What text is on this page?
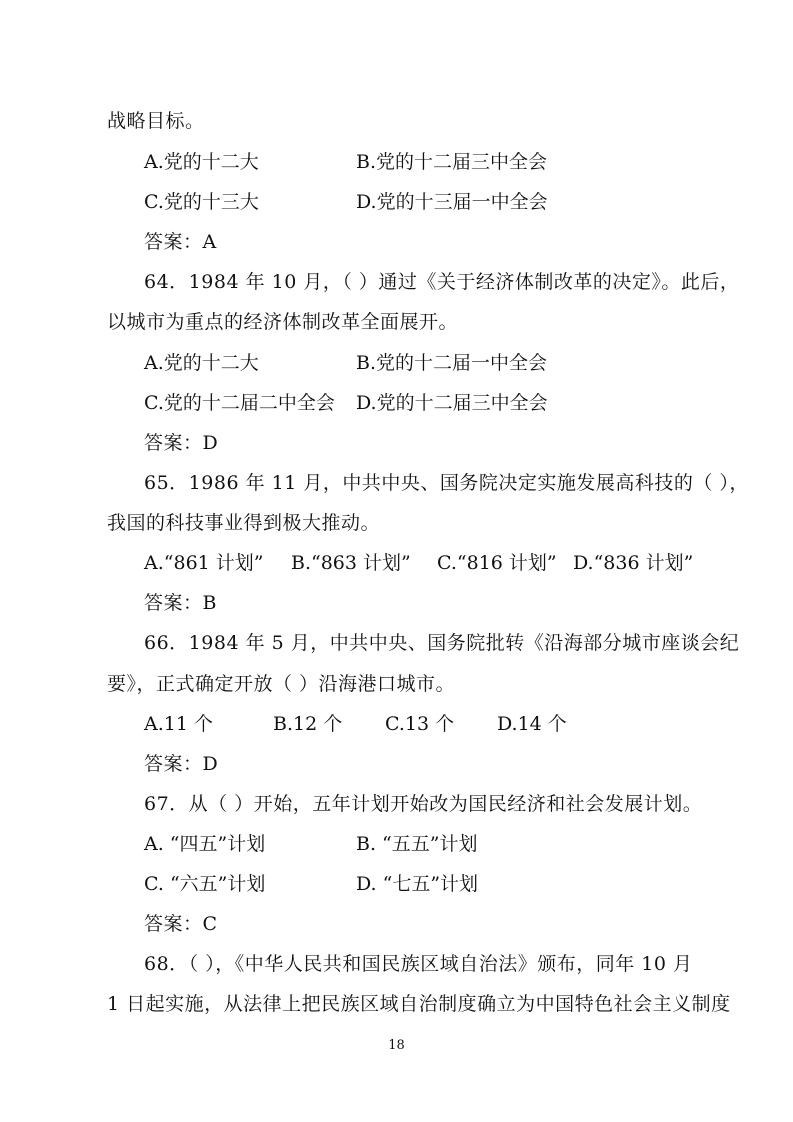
战略目标。
A.党的十二大	B.党的十二届三中全会
C.党的十三大	D.党的十三届一中全会
答案：A
64．1984 年 10 月，（ ）通过《关于经济体制改革的决定》。此后，
以城市为重点的经济体制改革全面展开。
A.党的十二大	B.党的十二届一中全会
C.党的十二届二中全会 D.党的十二届三中全会
答案：D
65．1986 年 11 月，中共中央、国务院决定实施发展高科技的（ ），
我国的科技事业得到极大推动。
A.“861 计划” B.“863 计划” C.“816 计划” D.“836 计划”
答案：B
66．1984 年 5 月，中共中央、国务院批转《沿海部分城市座谈会纪
要》，正式确定开放（ ）沿海港口城市。
A.11 个	B.12 个 C.13 个 D.14 个
答案：D
67．从（ ）开始，五年计划开始改为国民经济和社会发展计划。
A. “四五”计划	B. “五五”计划
C. “六五”计划	D. “七五”计划
答案：C
68．（ ），《中华人民共和国民族区域自治法》颁布，同年 10 月
1 日起实施，从法律上把民族区域自治制度确立为中国特色社会主义制度
18
